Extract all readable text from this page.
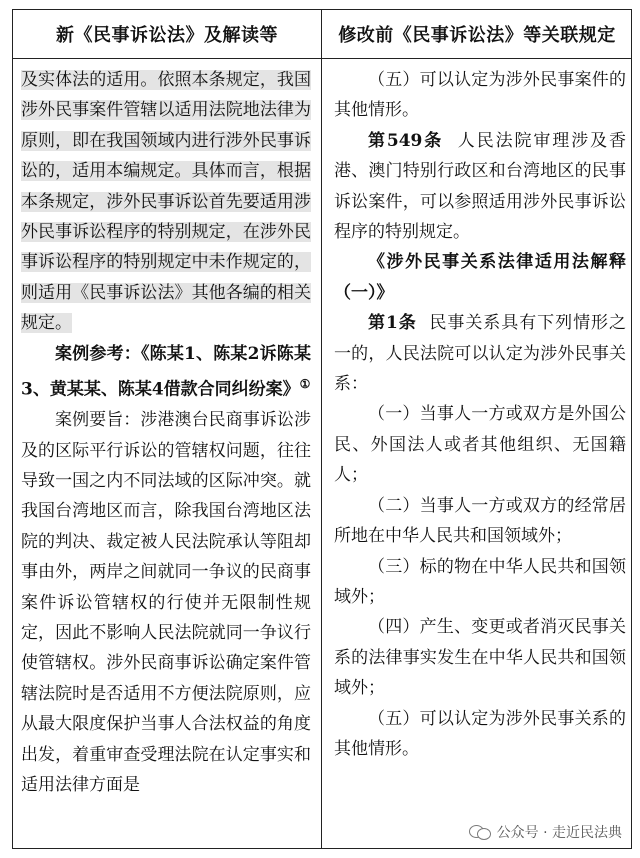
新《民事诉讼法》及解读等	修改前《民事诉讼法》等关联规定

及实体法的适用。依照本条规定，我国涉外民事案件管辖以适用法院地法律为原则，即在我国领域内进行涉外民事诉讼的，适用本编规定。具体而言，根据本条规定，涉外民事诉讼首先要适用涉外民事诉讼程序的特别规定，在涉外民事诉讼程序的特别规定中未作规定的，则适用《民事诉讼法》其他各编的相关规定。

案例参考：《陈某1、陈某2诉陈某3、黄某某、陈某4借款合同纠纷案》①

案例要旨：涉港澳台民商事诉讼涉及的区际平行诉讼的管辖权问题，往往导致一国之内不同法域的区际冲突。就我国台湾地区而言，除我国台湾地区法院的判决、裁定被人民法院承认等阻却事由外，两岸之间就同一争议的民商事案件诉讼管辖权的行使并无限制性规定，因此不影响人民法院就同一争议行使管辖权。涉外民商事诉讼确定案件管辖法院时是否适用不方便法院原则，应从最大限度保护当事人合法权益的角度出发，着重审查受理法院在认定事实和适用法律方面是

（五）可以认定为涉外民事案件的其他情形。

第549条 人民法院审理涉及香港、澳门特别行政区和台湾地区的民事诉讼案件，可以参照适用涉外民事诉讼程序的特别规定。

《涉外民事关系法律适用法解释（一）》

第1条 民事关系具有下列情形之一的，人民法院可以认定为涉外民事关系：

（一）当事人一方或双方是外国公民、外国法人或者其他组织、无国籍人；

（二）当事人一方或双方的经常居所地在中华人民共和国领域外；

（三）标的物在中华人民共和国领域外；

（四）产生、变更或者消灭民事关系的法律事实发生在中华人民共和国领域外；

（五）可以认定为涉外民事关系的其他情形。

公众号 · 走近民法典
